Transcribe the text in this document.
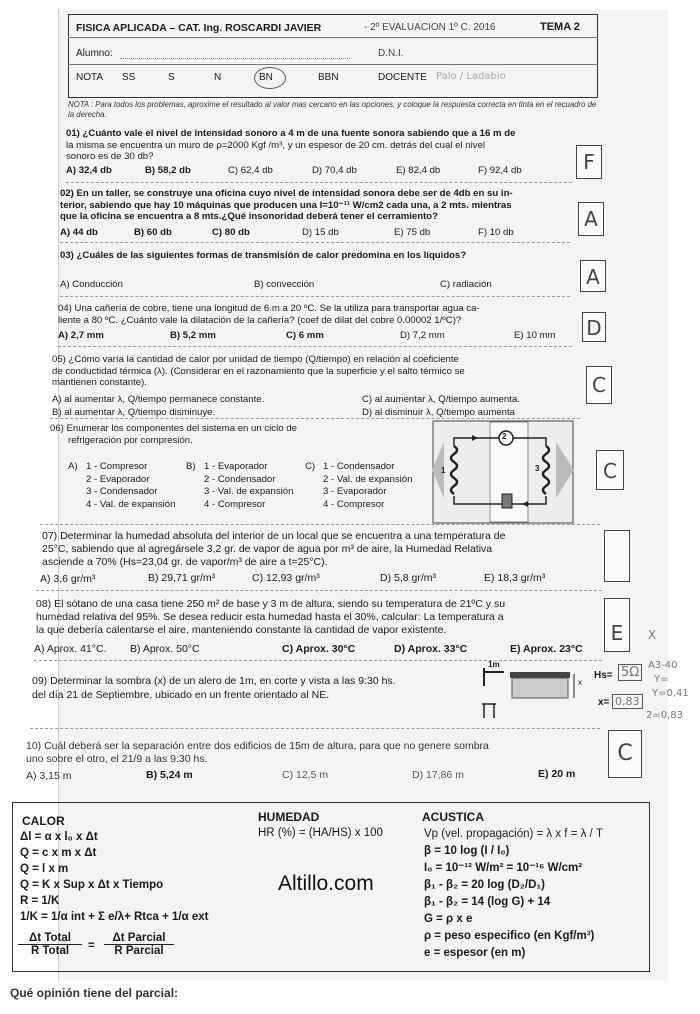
FISICA APLICADA – CAT. Ing. ROSCARDI JAVIER	- 2º EVALUACION 1º C. 2016	TEMA 2
Alumno:	D.N.I.
NOTA SS	S	N	BN	BBN	DOCENTE Palo / Ladabio
NOTA : Para todos los problemas, aproxime el resultado al valor mas cercano en las opciones, y coloque la respuesta correcta en tinta en el recuadro de la derecha.
01) ¿Cuánto vale el nivel de intensidad sonoro a 4 m de una fuente sonora sabiendo que a 16 m de
la misma se encuentra un muro de ρ=2000 Kgf /m³, y un espesor de 20 cm. detrás del cual el nivel
sonoro es de 30 db?
A) 32,4 db	B) 58,2 db	C) 62,4 db	D) 70,4 db	E) 82,4 db	F) 92,4 db	F
02) En un taller, se construye una oficina cuyo nivel de intensidad sonora debe ser de 4db en su in-
terior, sabiendo que hay 10 máquinas que producen una I=10⁻¹¹ W/cm2 cada una, a 2 mts. mientras
que la oficina se encuentra a 8 mts.¿Qué insonoridad deberá tener el cerramiento?
A) 44 db	B) 60 db	C) 80 db	D) 15 db	E) 75 db	F) 10 db
A
03) ¿Cuáles de las siguientes formas de transmisión de calor predomina en los líquidos?
A) Conducción	B) convección	C) radiación	A
04) Una cañería de cobre, tiene una longitud de 6 m a 20 ºC. Se la utiliza para transportar agua ca-
liente a 80 ºC. ¿Cuánto vale la dilatación de la cañería? (coef de dilat del cobre 0.00002 1/ºC)?
A) 2,7 mm	B) 5,2 mm	C) 6 mm	D) 7,2 mm	E) 10 mm D
05) ¿Cómo varía la cantidad de calor por unidad de tiempo (Q/tiempo) en relación al coeficiente
de conductidad térmica (λ). (Considerar en el razonamiento que la superficie y el salto térmico se
mantienen constante).
A) al aumentar λ, Q/tiempo permanece constante.	C) al aumentar λ, Q/tiempo aumenta.
B) al aumentar λ, Q/tiempo disminuye.	D) al disminuir λ, Q/tiempo aumenta
C
06) Enumerar los componentes del sistema en un ciclo de
refrigeración por compresión.
A) 1 - Compresor
2 - Evaporador
3 - Condensador
4 - Val. de expansión
B) 1 - Evaporador
2 - Condensador
3 - Val. de expansión
4 - Compresor
C) 1 - Condensador
2 - Val. de expansión
3 - Evaporador
4 - Compresor
2
1	3	C
07) Determinar la humedad absoluta del interior de un local que se encuentra a una temperatura de
25°C, sabiendo que al agregársele 3,2 gr. de vapor de agua por m³ de aire, la Humedad Relativa
asciende a 70% (Hs=23,04 gr. de vapor/m³ de aire a t=25°C).
A) 3,6 gr/m³	B) 29,71 gr/m³	C) 12,93 gr/m³	D) 5,8 gr/m³	E) 18,3 gr/m³
08) El sótano de una casa tiene 250 m² de base y 3 m de altura, siendo su temperatura de 21ºC y su
humedad relativa del 95%. Se desea reducir esta humedad hasta el 30%, calcular: La temperatura a
la que debería calentarse el aire, manteniendo constante la cantidad de vapor existente.
A) Aprox. 41°C. B) Aprox. 50°C	C) Aprox. 30°C	D) Aprox. 33°C	E) Aprox. 23°C
E	X
09) Determinar la sombra (x) de un alero de 1m, en corte y vista a las 9:30 hs.
del día 21 de Septiembre, ubicado en un frente orientado al NE.
1m
x
Hs= 5Ω
x= 0,83
A3-40
Y=
Y=0,41
2=0,83
10) Cuál deberá ser la separación entre dos edificios de 15m de altura, para que no genere sombra
uno sobre el otro, el 21/9 a las 9:30 hs.
A) 3,15 m	B) 5,24 m	C) 12,5 m	D) 17,86 m	E) 20 m
C
CALOR
Δl = α x l₀ x Δt
Q = c x m x Δt
Q = l x m
Q = K x Sup x Δt x Tiempo
R = 1/K
1/K = 1/α int + Σ e/λ+ Rtca + 1/α ext
Δt Total
R Total	=
Δt Parcial
R Parcial
HUMEDAD
HR (%) = (HA/HS) x 100
Altillo.com
ACUSTICA
Vp (vel. propagación) = λ x f = λ / T
β = 10 log (I / I₀)
I₀ = 10⁻¹² W/m² = 10⁻¹⁶ W/cm²
β₁ - β₂ = 20 log (D₂/D₁)
β₁ - β₂ = 14 (log G) + 14
G = ρ x e
ρ = peso especifico (en Kgf/m³)
e = espesor (en m)
Qué opinión tiene del parcial:
